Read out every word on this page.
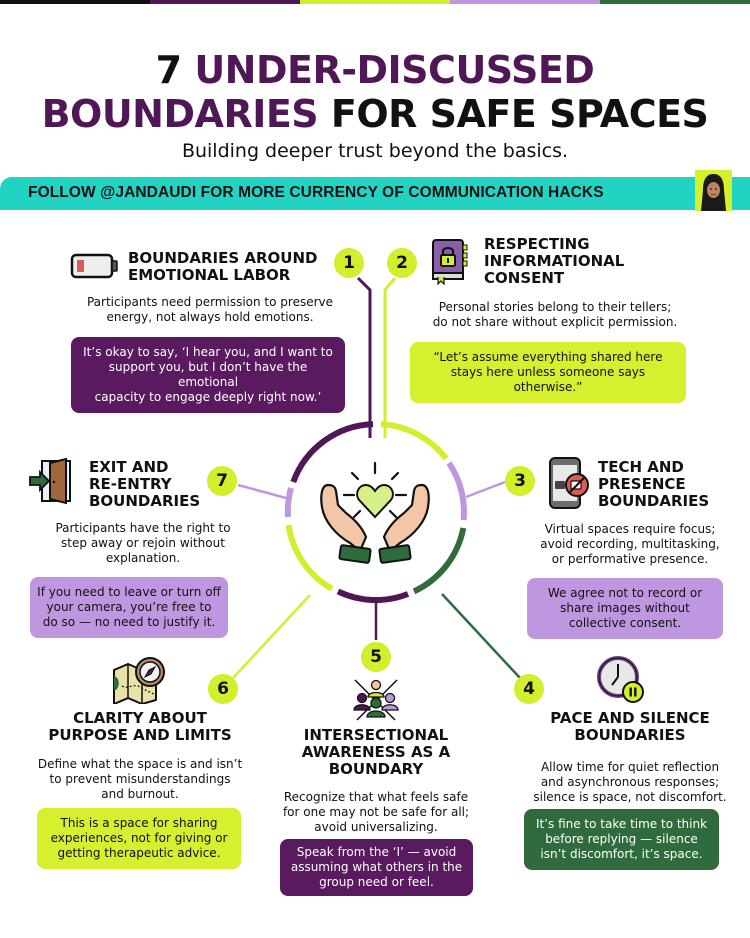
7 UNDER-DISCUSSED
BOUNDARIES FOR SAFE SPACES
Building deeper trust beyond the basics.
FOLLOW @JANDAUDI FOR MORE CURRENCY OF COMMUNICATION HACKS
1	2
3
4
5
6
7
BOUNDARIES AROUND
EMOTIONAL LABOR
Participants need permission to preserve
energy, not always hold emotions.
It’s okay to say, ‘I hear you, and I want to
support you, but I don’t have the emotional
capacity to engage deeply right now.’
RESPECTING
INFORMATIONAL
CONSENT
Personal stories belong to their tellers;
do not share without explicit permission.
“Let’s assume everything shared here
stays here unless someone says
otherwise.”
EXIT AND
RE-ENTRY
BOUNDARIES
Participants have the right to
step away or rejoin without
explanation.
If you need to leave or turn off
your camera, you’re free to
do so — no need to justify it.
TECH AND
PRESENCE
BOUNDARIES
Virtual spaces require focus;
avoid recording, multitasking,
or performative presence.
We agree not to record or
share images without
collective consent.
CLARITY ABOUT
PURPOSE AND LIMITS
Define what the space is and isn’t
to prevent misunderstandings
and burnout.
This is a space for sharing
experiences, not for giving or
getting therapeutic advice.
INTERSECTIONAL
AWARENESS AS A
BOUNDARY
Recognize that what feels safe
for one may not be safe for all;
avoid universalizing.
Speak from the ‘I’ — avoid
assuming what others in the
group need or feel.
PACE AND SILENCE
BOUNDARIES
Allow time for quiet reflection
and asynchronous responses;
silence is space, not discomfort.
It’s fine to take time to think
before replying — silence
isn’t discomfort, it’s space.
